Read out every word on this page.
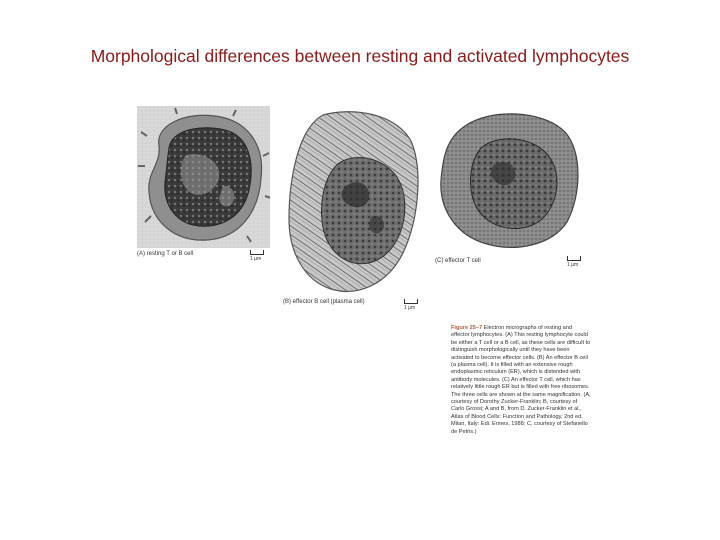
Morphological differences between resting and activated lymphocytes
(A) resting T or B cell
1 μm
(B) effector B cell (plasma cell)
1 μm
(C) effector T cell
1 μm

Figure 25–7 Electron micrographs of resting and effector lymphocytes. (A) This resting lymphocyte could be either a T cell or a B cell, as these cells are difficult to distinguish morphologically until they have been activated to become effector cells. (B) An effector B cell (a plasma cell). It is filled with an extensive rough endoplasmic reticulum (ER), which is distended with antibody molecules. (C) An effector T cell, which has relatively little rough ER but is filled with free ribosomes. The three cells are shown at the same magnification. (A, courtesy of Dorothy Zucker-Franklin; B, courtesy of Carlo Grossi; A and B, from D. Zucker-Franklin et al., Atlas of Blood Cells: Function and Pathology, 2nd ed. Milan, Italy: Edi. Ermes, 1988; C, courtesy of Stefanello de Petris.)
